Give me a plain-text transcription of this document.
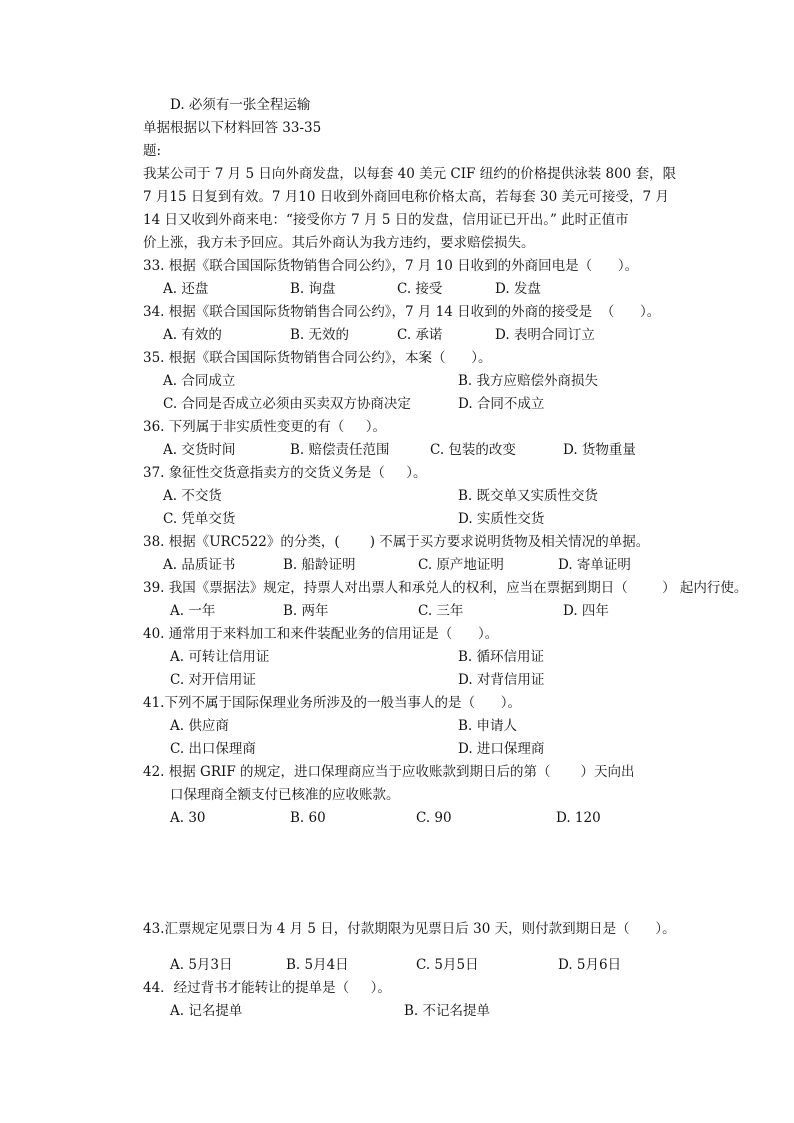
D. 必须有一张全程运输
单据根据以下材料回答 33-35
题:
我某公司于 7 月 5 日向外商发盘，以每套 40 美元 CIF 纽约的价格提供泳装 800 套，限
7 月15 日复到有效。7 月10 日收到外商回电称价格太高，若每套 30 美元可接受，7 月
14 日又收到外商来电：“接受你方 7 月 5 日的发盘，信用证已开出。” 此时正值市
价上涨，我方未予回应。其后外商认为我方违约，要求赔偿损失。
33. 根据《联合国国际货物销售合同公约》，7 月 10 日收到的外商回电是（      ）。
A. 还盘	B. 询盘	C. 接受	D. 发盘
34. 根据《联合国国际货物销售合同公约》，7 月 14 日收到的外商的接受是  （      ）。
A. 有效的	B. 无效的	C. 承诺	D. 表明合同订立
35. 根据《联合国国际货物销售合同公约》，本案（      ）。
A. 合同成立	B. 我方应赔偿外商损失
C. 合同是否成立必须由买卖双方协商决定	D. 合同不成立
36. 下列属于非实质性变更的有（     ）。
A. 交货时间	B. 赔偿责任范围	C. 包装的改变	D. 货物重量
37. 象征性交货意指卖方的交货义务是（     ）。
A. 不交货	B. 既交单又实质性交货
C. 凭单交货	D. 实质性交货
38. 根据《URC522》的分类，(       ) 不属于买方要求说明货物及相关情况的单据。
A. 品质证书	B. 船龄证明	C. 原产地证明	D. 寄单证明
39. 我国《票据法》规定，持票人对出票人和承兑人的权利，应当在票据到期日（        ） 起内行使。
A. 一年	B. 两年	C. 三年	D. 四年
40. 通常用于来料加工和来件装配业务的信用证是（      ）。
A. 可转让信用证	B. 循环信用证
C. 对开信用证	D. 对背信用证
41.下列不属于国际保理业务所涉及的一般当事人的是（      ）。
A. 供应商	B. 申请人
C. 出口保理商	D. 进口保理商
42. 根据 GRIF 的规定，进口保理商应当于应收账款到期日后的第（       ）天向出
口保理商全额支付已核准的应收账款。
A. 30	B. 60	C. 90	D. 120
43.汇票规定见票日为 4 月 5 日，付款期限为见票日后 30 天，则付款到期日是（      ）。
A. 5月3日	B. 5月4日	C. 5月5日	D. 5月6日
44．经过背书才能转让的提单是（     ）。
A. 记名提单	B. 不记名提单
